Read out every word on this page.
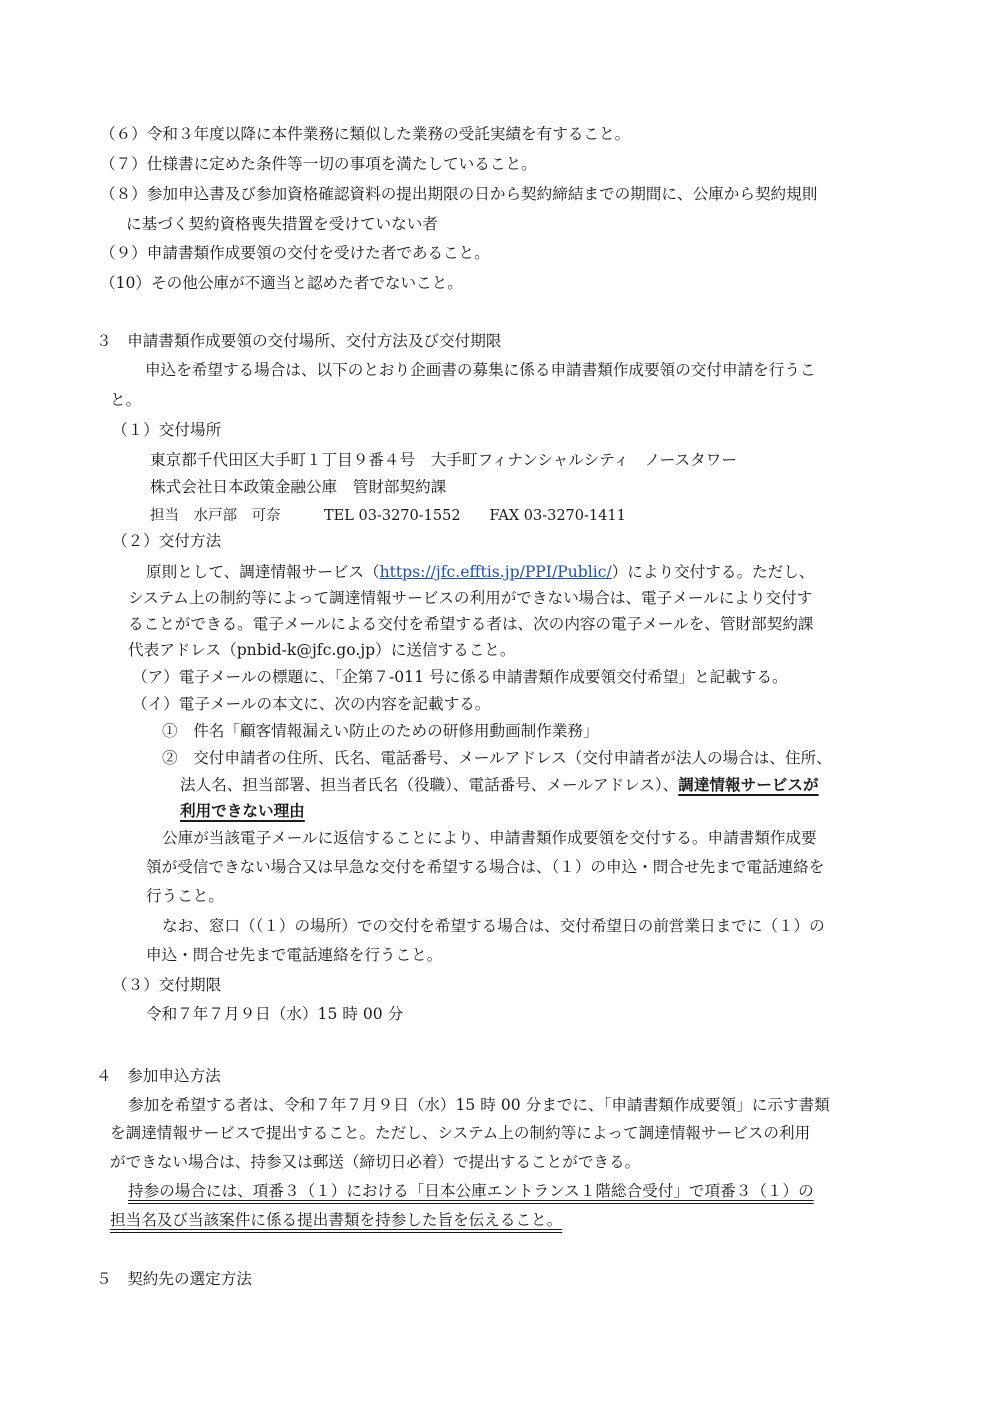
（６）令和３年度以降に本件業務に類似した業務の受託実績を有すること。
（７）仕様書に定めた条件等一切の事項を満たしていること。
（８）参加申込書及び参加資格確認資料の提出期限の日から契約締結までの期間に、公庫から契約規則
に基づく契約資格喪失措置を受けていない者
（９）申請書類作成要領の交付を受けた者であること。
（10）その他公庫が不適当と認めた者でないこと。
３　申請書類作成要領の交付場所、交付方法及び交付期限
申込を希望する場合は、以下のとおり企画書の募集に係る申請書類作成要領の交付申請を行うこ
と。
（１）交付場所
東京都千代田区大手町１丁目９番４号　大手町フィナンシャルシティ　ノースタワー
株式会社日本政策金融公庫　管財部契約課
担当　水戸部　可奈　　　TEL 03-3270-1552　　FAX 03-3270-1411
（２）交付方法
原則として、調達情報サービス（https://jfc.efftis.jp/PPI/Public/）により交付する。ただし、
システム上の制約等によって調達情報サービスの利用ができない場合は、電子メールにより交付す
ることができる。電子メールによる交付を希望する者は、次の内容の電子メールを、管財部契約課
代表アドレス（pnbid-k@jfc.go.jp）に送信すること。
（ア）電子メールの標題に、「企第７-011 号に係る申請書類作成要領交付希望」と記載する。
（イ）電子メールの本文に、次の内容を記載する。
①　件名「顧客情報漏えい防止のための研修用動画制作業務」
②　交付申請者の住所、氏名、電話番号、メールアドレス（交付申請者が法人の場合は、住所、
法人名、担当部署、担当者氏名（役職）、電話番号、メールアドレス）、調達情報サービスが
利用できない理由
公庫が当該電子メールに返信することにより、申請書類作成要領を交付する。申請書類作成要
領が受信できない場合又は早急な交付を希望する場合は、（１）の申込・問合せ先まで電話連絡を
行うこと。
なお、窓口（（１）の場所）での交付を希望する場合は、交付希望日の前営業日までに（１）の
申込・問合せ先まで電話連絡を行うこと。
（３）交付期限
令和７年７月９日（水）15 時 00 分
４　参加申込方法
参加を希望する者は、令和７年７月９日（水）15 時 00 分までに、「申請書類作成要領」に示す書類
を調達情報サービスで提出すること。ただし、システム上の制約等によって調達情報サービスの利用
ができない場合は、持参又は郵送（締切日必着）で提出することができる。
持参の場合には、項番３（１）における「日本公庫エントランス１階総合受付」で項番３（１）の
担当名及び当該案件に係る提出書類を持参した旨を伝えること。
５　契約先の選定方法
